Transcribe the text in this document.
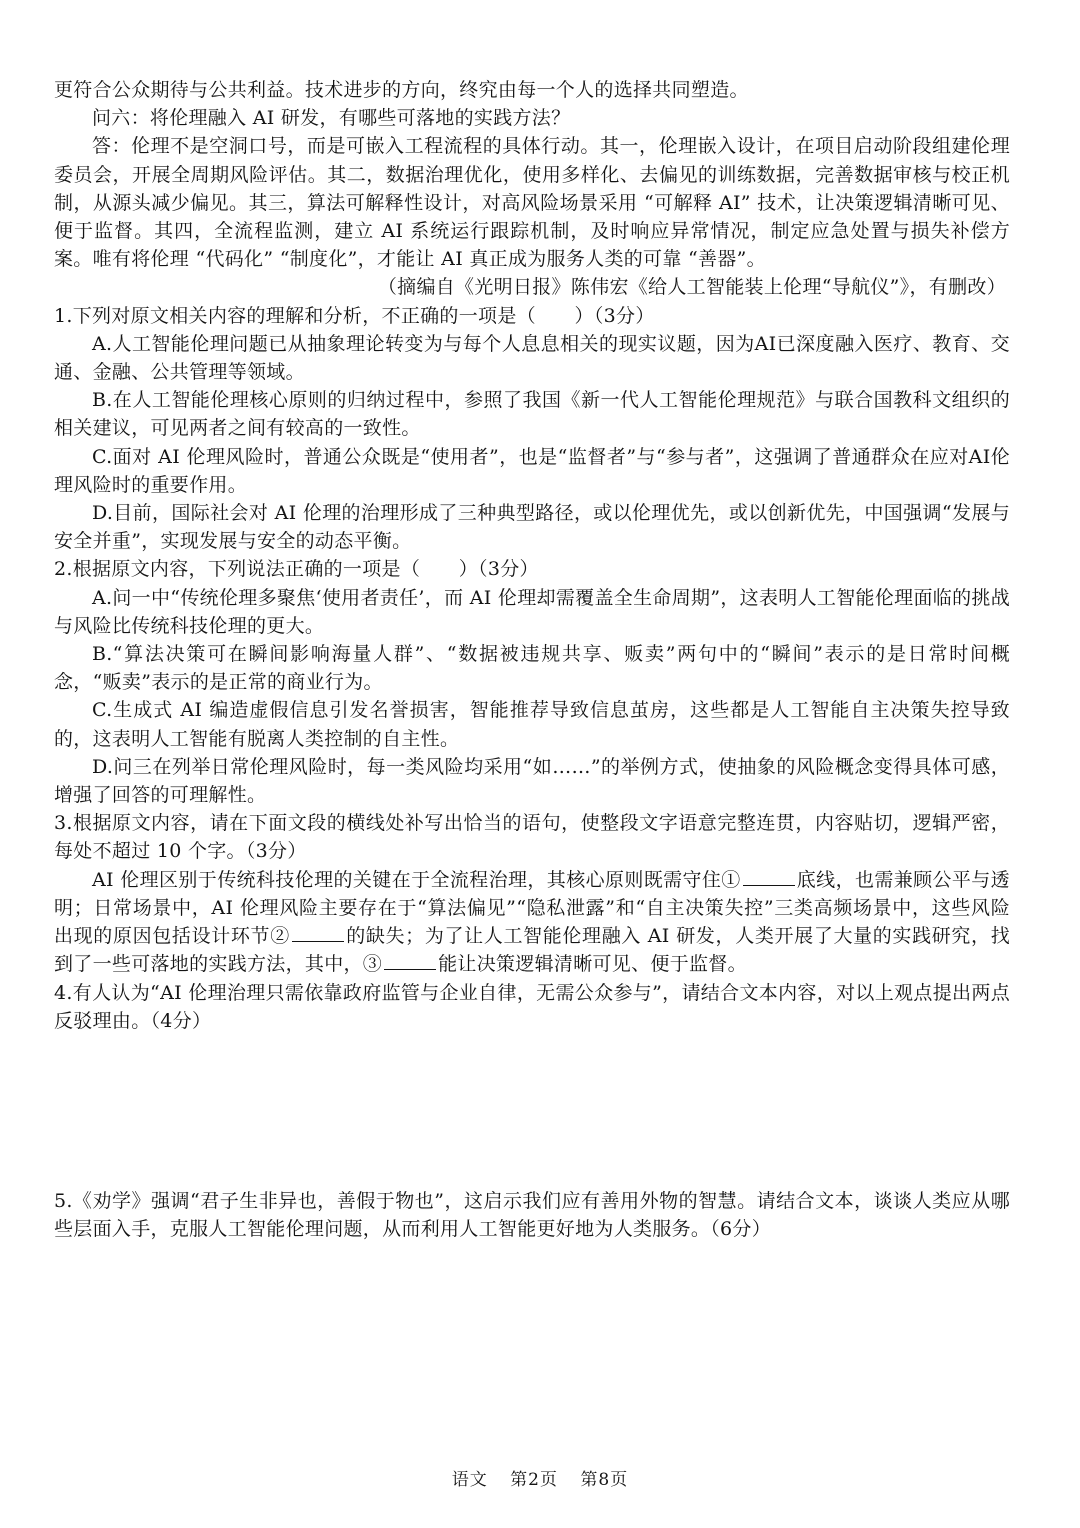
更符合公众期待与公共利益。技术进步的方向，终究由每一个人的选择共同塑造。

问六：将伦理融入 AI 研发，有哪些可落地的实践方法？

答：伦理不是空洞口号，而是可嵌入工程流程的具体行动。其一，伦理嵌入设计，在项目启动阶段组建伦理委员会，开展全周期风险评估。其二，数据治理优化，使用多样化、去偏见的训练数据，完善数据审核与校正机制，从源头减少偏见。其三，算法可解释性设计，对高风险场景采用 “可解释 AI” 技术，让决策逻辑清晰可见、便于监督。其四，全流程监测，建立 AI 系统运行跟踪机制，及时响应异常情况，制定应急处置与损失补偿方案。唯有将伦理 “代码化” “制度化”，才能让 AI 真正成为服务人类的可靠 “善器”。

（摘编自《光明日报》陈伟宏《给人工智能装上伦理“导航仪”》，有删改）

1.下列对原文相关内容的理解和分析，不正确的一项是（　　）（3分）

A.人工智能伦理问题已从抽象理论转变为与每个人息息相关的现实议题，因为AI已深度融入医疗、教育、交通、金融、公共管理等领域。

B.在人工智能伦理核心原则的归纳过程中，参照了我国《新一代人工智能伦理规范》与联合国教科文组织的相关建议，可见两者之间有较高的一致性。

C.面对 AI 伦理风险时，普通公众既是“使用者”，也是“监督者”与“参与者”，这强调了普通群众在应对AI伦理风险时的重要作用。

D.目前，国际社会对 AI 伦理的治理形成了三种典型路径，或以伦理优先，或以创新优先，中国强调“发展与安全并重”，实现发展与安全的动态平衡。

2.根据原文内容，下列说法正确的一项是（　　）（3分）

A.问一中“传统伦理多聚焦‘使用者责任’，而 AI 伦理却需覆盖全生命周期”，这表明人工智能伦理面临的挑战与风险比传统科技伦理的更大。

B.“算法决策可在瞬间影响海量人群”、“数据被违规共享、贩卖”两句中的“瞬间”表示的是日常时间概念，“贩卖”表示的是正常的商业行为。

C.生成式 AI 编造虚假信息引发名誉损害，智能推荐导致信息茧房，这些都是人工智能自主决策失控导致的，这表明人工智能有脱离人类控制的自主性。

D.问三在列举日常伦理风险时，每一类风险均采用“如……”的举例方式，使抽象的风险概念变得具体可感，增强了回答的可理解性。

3.根据原文内容，请在下面文段的横线处补写出恰当的语句，使整段文字语意完整连贯，内容贴切，逻辑严密，每处不超过 10 个字。（3分）

AI 伦理区别于传统科技伦理的关键在于全流程治理，其核心原则既需守住①	底线，也需兼顾公平与透明；日常场景中，AI 伦理风险主要存在于“算法偏见”“隐私泄露”和“自主决策失控”三类高频场景中，这些风险出现的原因包括设计环节②	的缺失；为了让人工智能伦理融入 AI 研发，人类开展了大量的实践研究，找到了一些可落地的实践方法，其中，③	能让决策逻辑清晰可见、便于监督。

4.有人认为“AI 伦理治理只需依靠政府监管与企业自律，无需公众参与”，请结合文本内容，对以上观点提出两点反驳理由。（4分）

5.《劝学》强调“君子生非异也，善假于物也”，这启示我们应有善用外物的智慧。请结合文本，谈谈人类应从哪些层面入手，克服人工智能伦理问题，从而利用人工智能更好地为人类服务。（6分）

语文 第2页 第8页
